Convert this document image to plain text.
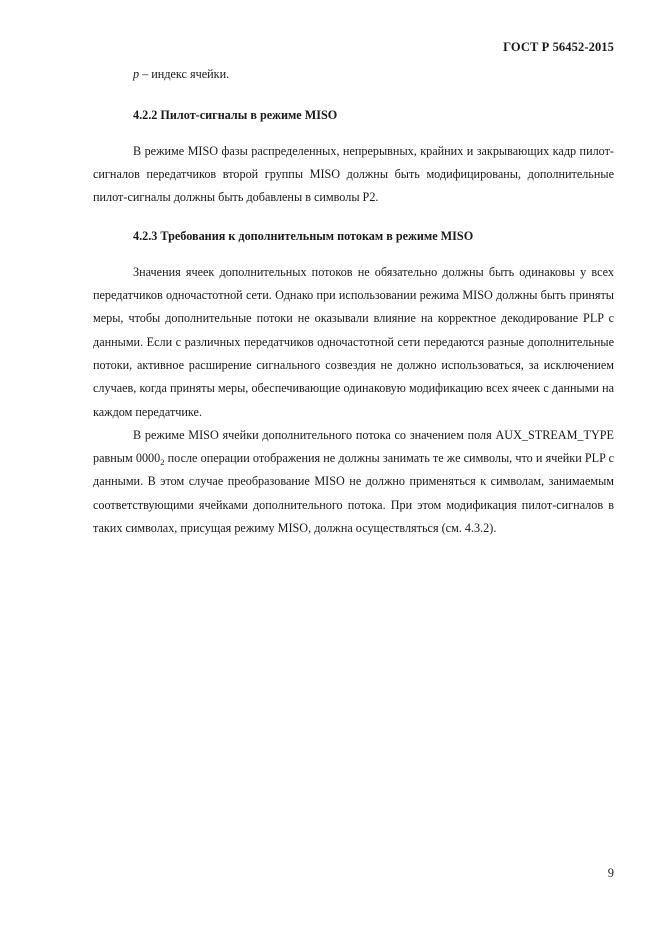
ГОСТ Р 56452-2015

p – индекс ячейки.

4.2.2 Пилот-сигналы в режиме MISO

В режиме MISO фазы распределенных, непрерывных, крайних и закрывающих кадр пилот-сигналов передатчиков второй группы MISO должны быть модифицированы, дополнительные пилот-сигналы должны быть добавлены в символы P2.

4.2.3 Требования к дополнительным потокам в режиме MISO

Значения ячеек дополнительных потоков не обязательно должны быть одинаковы у всех передатчиков одночастотной сети. Однако при использовании режима MISO должны быть приняты меры, чтобы дополнительные потоки не оказывали влияние на корректное декодирование PLP с данными. Если с различных передатчиков одночастотной сети передаются разные дополнительные потоки, активное расширение сигнального созвездия не должно использоваться, за исключением случаев, когда приняты меры, обеспечивающие одинаковую модификацию всех ячеек с данными на каждом передатчике.

В режиме MISO ячейки дополнительного потока со значением поля AUX_STREAM_TYPE равным $0000_2$ после операции отображения не должны занимать те же символы, что и ячейки PLP с данными. В этом случае преобразование MISO не должно применяться к символам, занимаемым соответствующими ячейками дополнительного потока. При этом модификация пилот-сигналов в таких символах, присущая режиму MISO, должна осуществляться (см. 4.3.2).

9
